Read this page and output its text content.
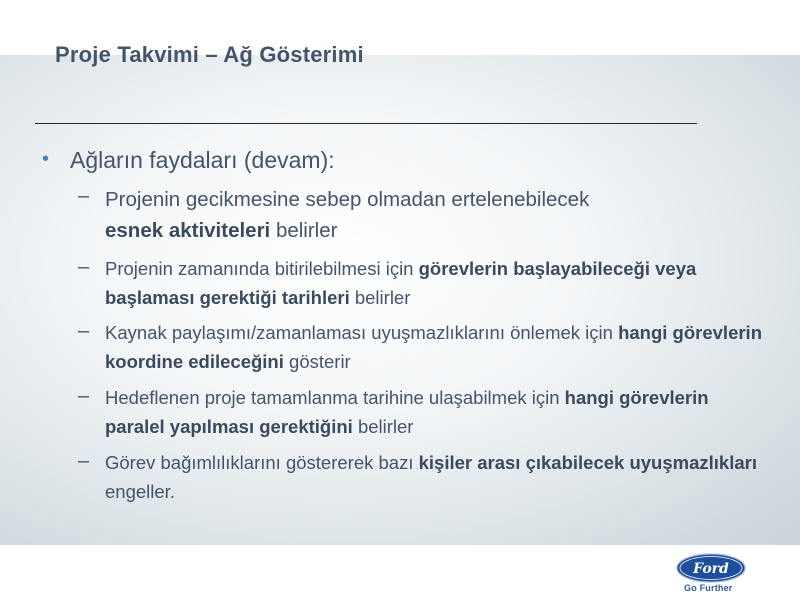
Proje Takvimi – Ağ Gösterimi
• Ağların faydaları (devam):
– Projenin gecikmesine sebep olmadan ertelenebilecek
esnek aktiviteleri belirler
– Projenin zamanında bitirilebilmesi için görevlerin başlayabileceği veya başlaması gerektiği tarihleri belirler
– Kaynak paylaşımı/zamanlaması uyuşmazlıklarını önlemek için hangi görevlerin koordine edileceğini gösterir
– Hedeflenen proje tamamlanma tarihine ulaşabilmek için hangi görevlerin paralel yapılması gerektiğini belirler
– Görev bağımlılıklarını göstererek bazı kişiler arası çıkabilecek uyuşmazlıkları engeller.
Ford
Go Further
